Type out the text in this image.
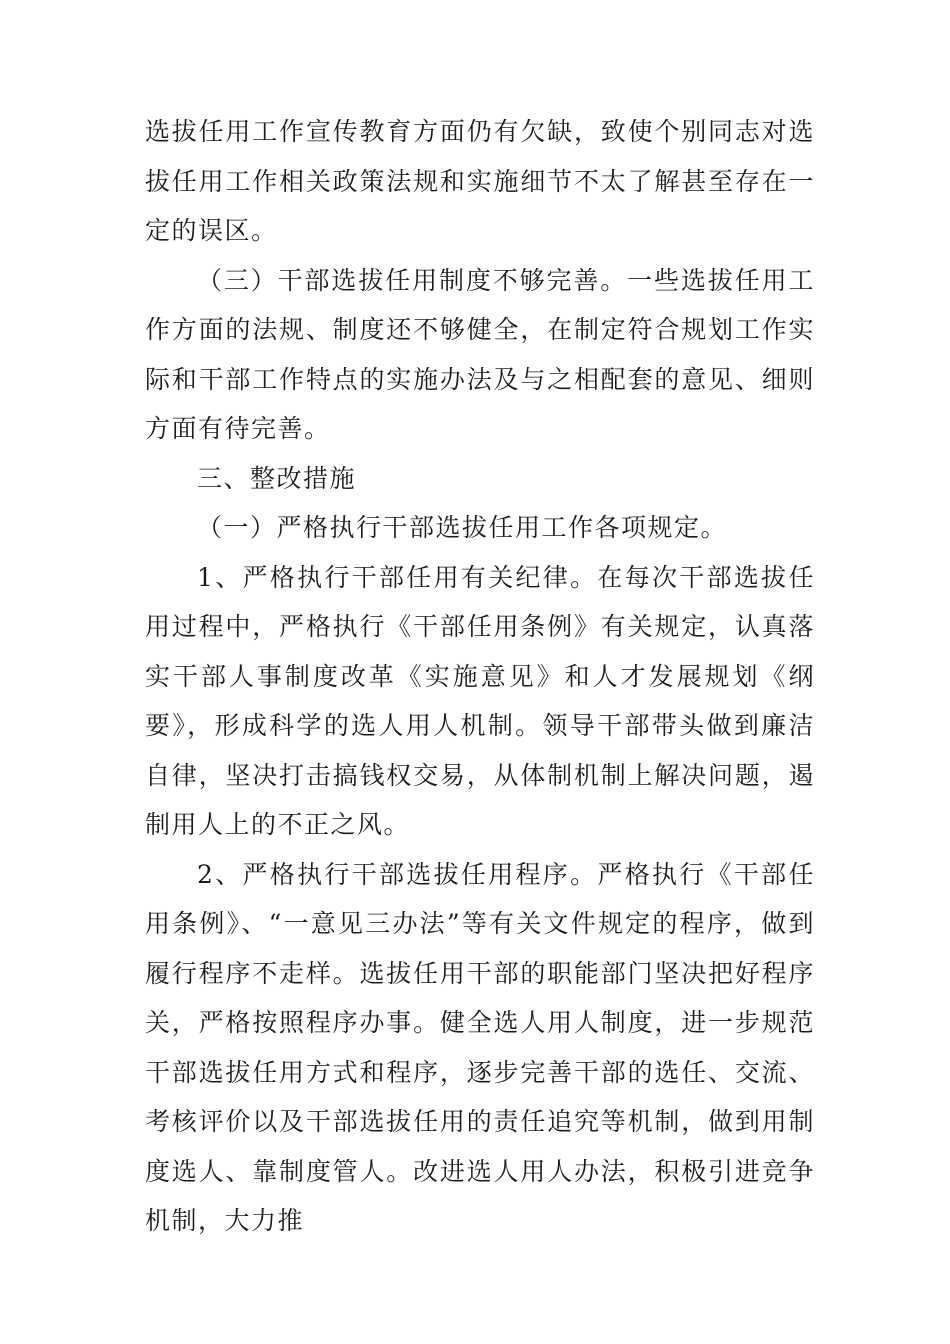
选拔任用工作宣传教育方面仍有欠缺，致使个别同志对选拔任用工作相关政策法规和实施细节不太了解甚至存在一定的误区。

（三）干部选拔任用制度不够完善。一些选拔任用工作方面的法规、制度还不够健全，在制定符合规划工作实际和干部工作特点的实施办法及与之相配套的意见、细则方面有待完善。

三、整改措施

（一）严格执行干部选拔任用工作各项规定。

1、严格执行干部任用有关纪律。在每次干部选拔任用过程中，严格执行《干部任用条例》有关规定，认真落实干部人事制度改革《实施意见》和人才发展规划《纲要》，形成科学的选人用人机制。领导干部带头做到廉洁自律，坚决打击搞钱权交易，从体制机制上解决问题，遏制用人上的不正之风。

2、严格执行干部选拔任用程序。严格执行《干部任用条例》、“一意见三办法”等有关文件规定的程序，做到履行程序不走样。选拔任用干部的职能部门坚决把好程序关，严格按照程序办事。健全选人用人制度，进一步规范干部选拔任用方式和程序，逐步完善干部的选任、交流、考核评价以及干部选拔任用的责任追究等机制，做到用制度选人、靠制度管人。改进选人用人办法，积极引进竞争机制，大力推
